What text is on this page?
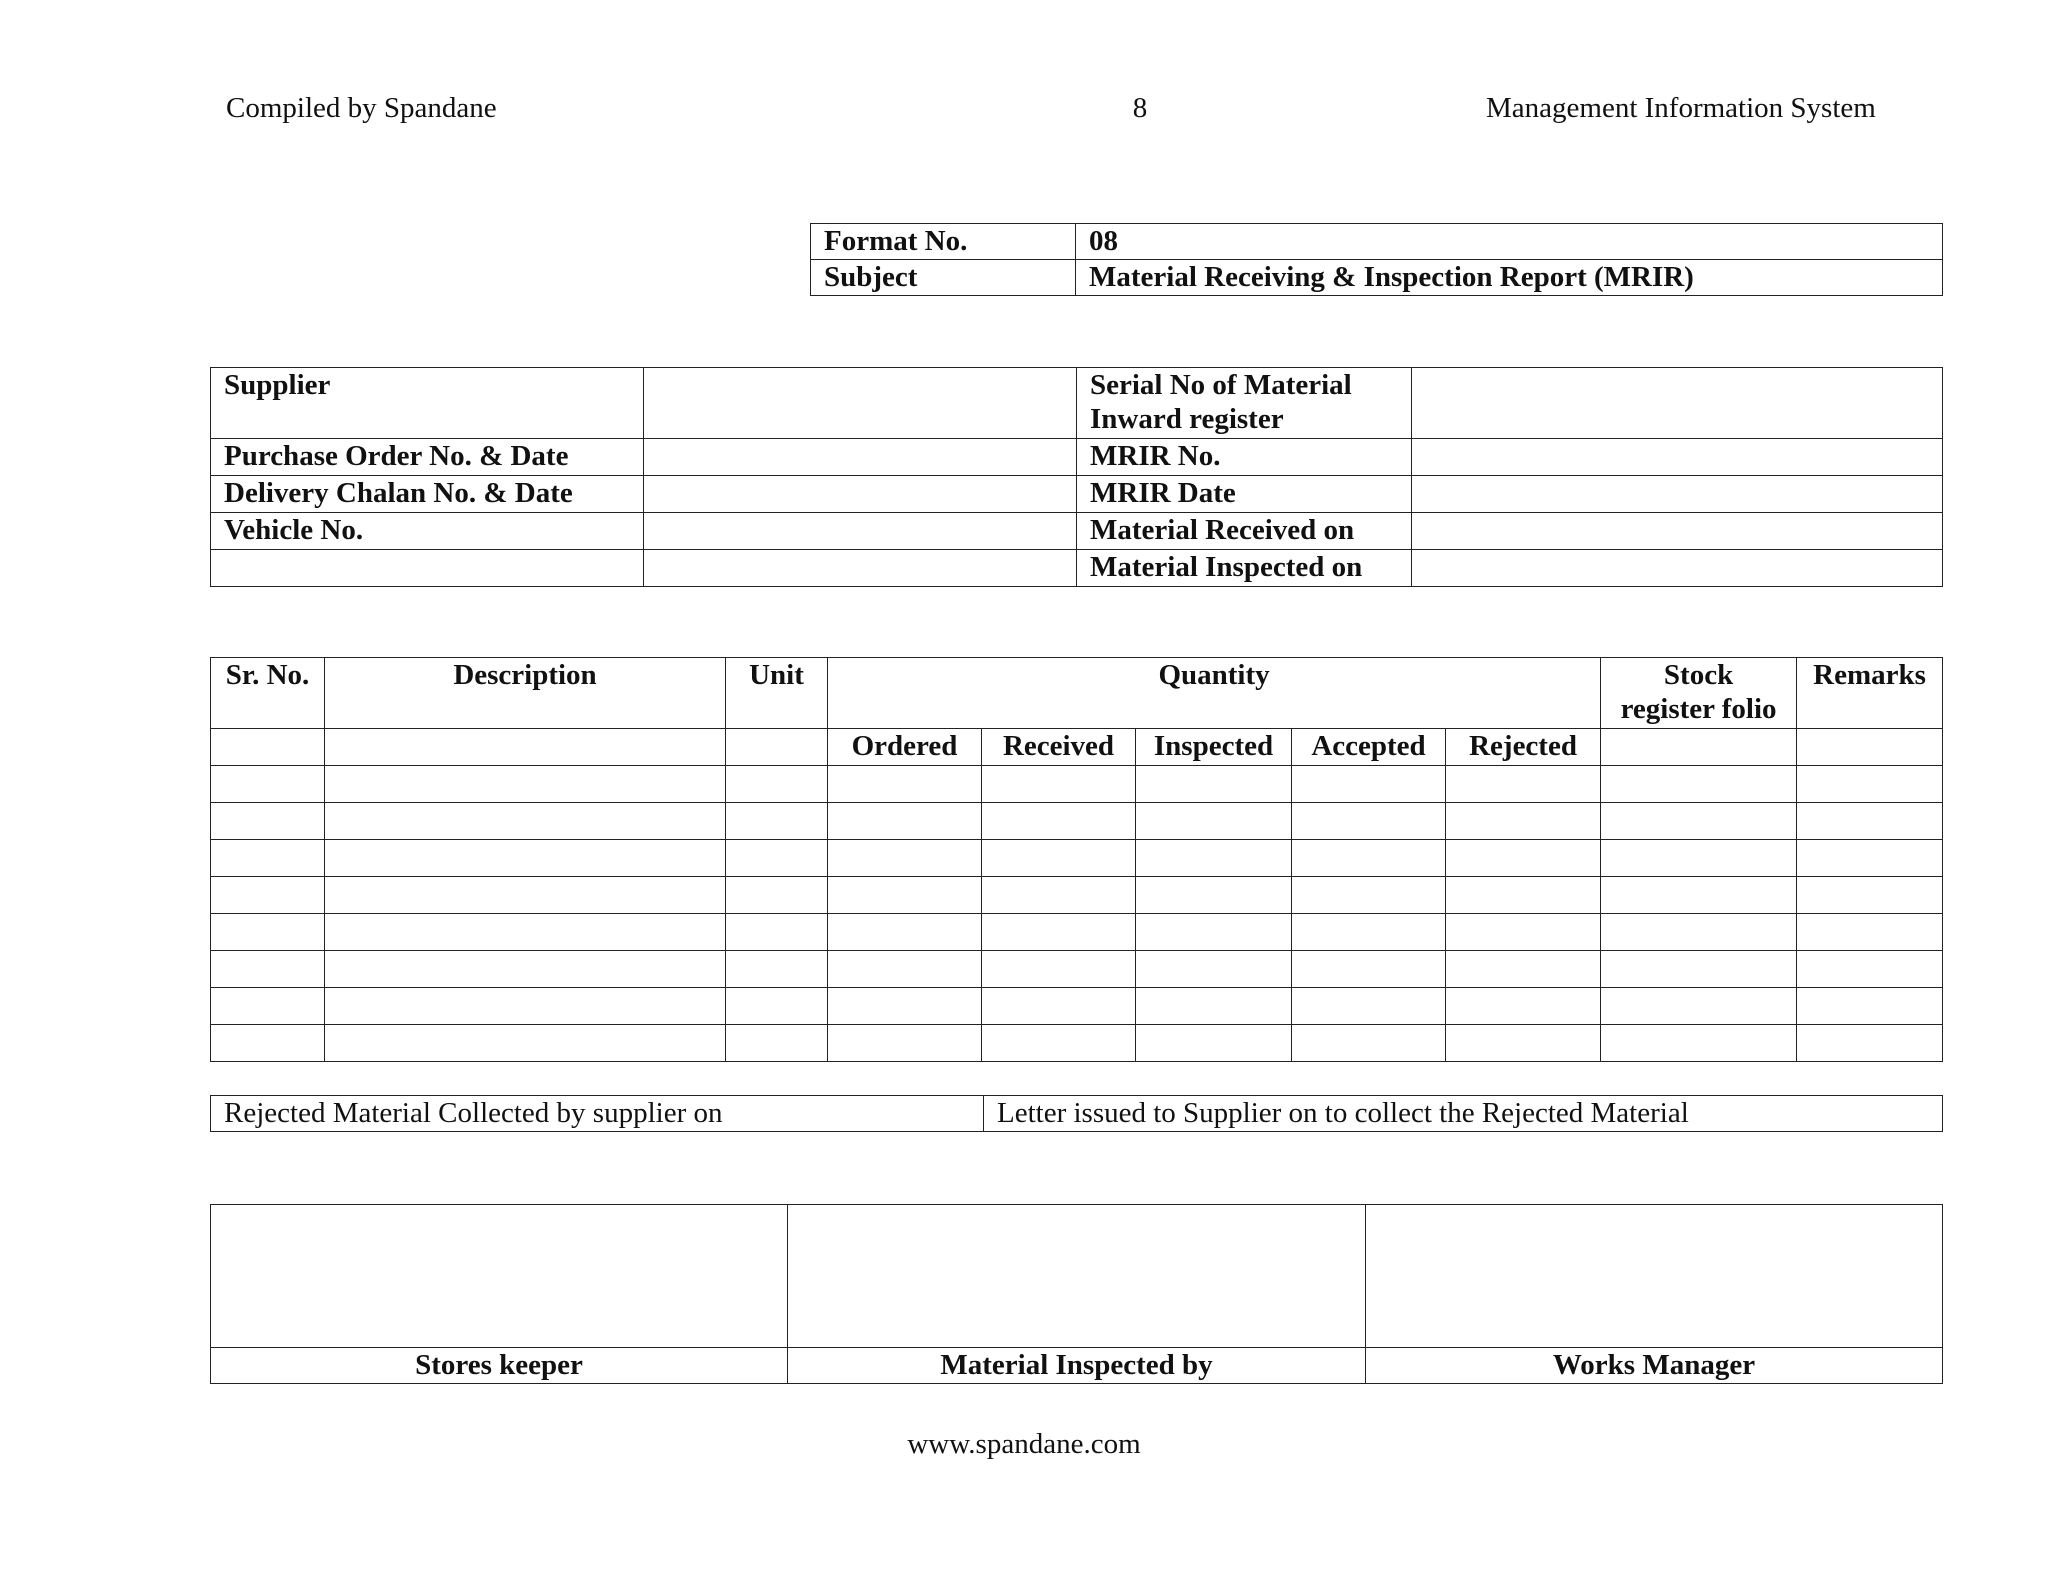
Compiled by Spandane	8	Management Information System
Format No.	08
Subject	Material Receiving & Inspection Report (MRIR)
Supplier		Serial No of Material Inward register	
Purchase Order No. & Date		MRIR No.	
Delivery Chalan No. & Date		MRIR Date	
Vehicle No.		Material Received on	
		Material Inspected on	
Sr. No.	Description	Unit	Quantity					Stock register folio	Remarks
			Ordered	Received	Inspected	Accepted	Rejected		

Rejected Material Collected by supplier on	Letter issued to Supplier on to collect the Rejected Material

Stores keeper	Material Inspected by	Works Manager
www.spandane.com
